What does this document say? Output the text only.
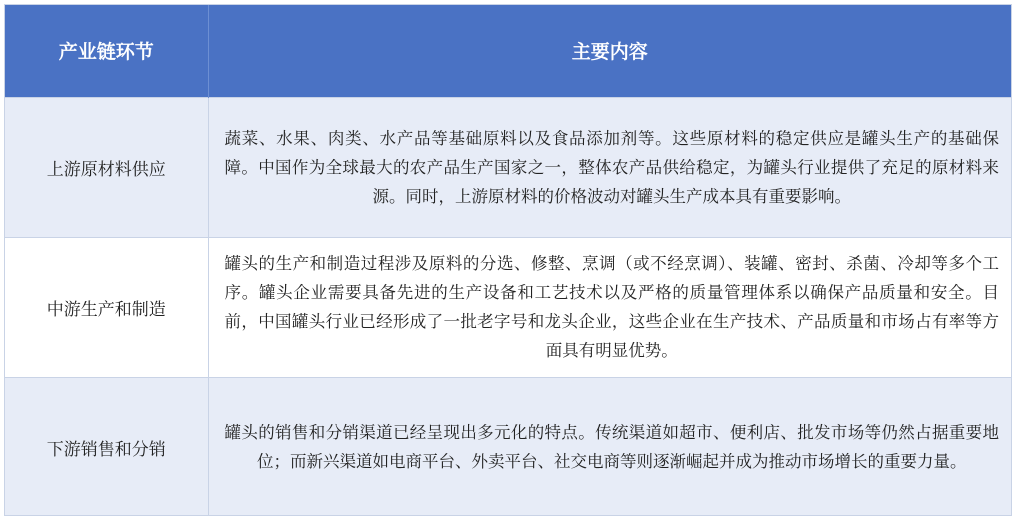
产业链环节	主要内容
上游原材料供应	蔬菜、水果、肉类、水产品等基础原料以及食品添加剂等。这些原材料的稳定供应是罐头生产的基础保障。中国作为全球最大的农产品生产国家之一，整体农产品供给稳定，为罐头行业提供了充足的原材料来源。同时，上游原材料的价格波动对罐头生产成本具有重要影响。
中游生产和制造	罐头的生产和制造过程涉及原料的分选、修整、烹调（或不经烹调）、装罐、密封、杀菌、冷却等多个工序。罐头企业需要具备先进的生产设备和工艺技术以及严格的质量管理体系以确保产品质量和安全。目前，中国罐头行业已经形成了一批老字号和龙头企业，这些企业在生产技术、产品质量和市场占有率等方面具有明显优势。
下游销售和分销	罐头的销售和分销渠道已经呈现出多元化的特点。传统渠道如超市、便利店、批发市场等仍然占据重要地位；而新兴渠道如电商平台、外卖平台、社交电商等则逐渐崛起并成为推动市场增长的重要力量。
